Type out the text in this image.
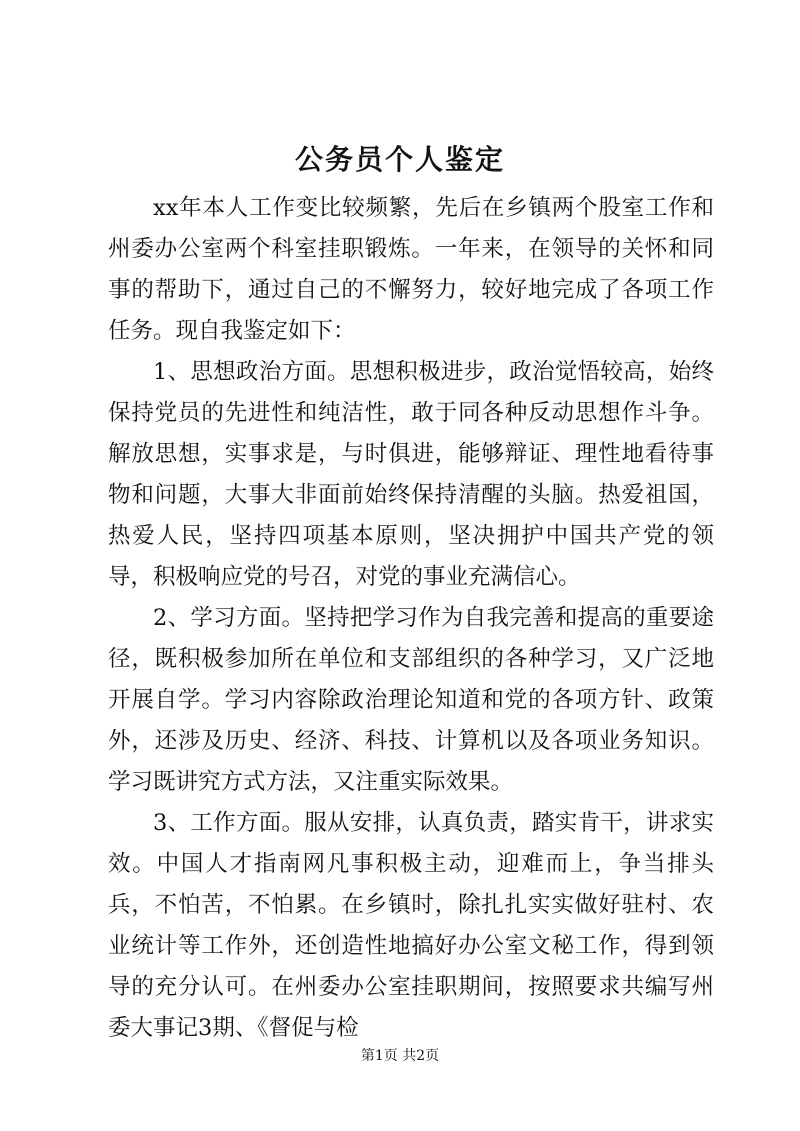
公务员个人鉴定

xx年本人工作变比较频繁，先后在乡镇两个股室工作和州委办公室两个科室挂职锻炼。一年来，在领导的关怀和同事的帮助下，通过自己的不懈努力，较好地完成了各项工作任务。现自我鉴定如下：

1、思想政治方面。思想积极进步，政治觉悟较高，始终保持党员的先进性和纯洁性，敢于同各种反动思想作斗争。解放思想，实事求是，与时俱进，能够辩证、理性地看待事物和问题，大事大非面前始终保持清醒的头脑。热爱祖国，热爱人民，坚持四项基本原则，坚决拥护中国共产党的领导，积极响应党的号召，对党的事业充满信心。

2、学习方面。坚持把学习作为自我完善和提高的重要途径，既积极参加所在单位和支部组织的各种学习，又广泛地开展自学。学习内容除政治理论知道和党的各项方针、政策外，还涉及历史、经济、科技、计算机以及各项业务知识。学习既讲究方式方法，又注重实际效果。

3、工作方面。服从安排，认真负责，踏实肯干，讲求实效。中国人才指南网凡事积极主动，迎难而上，争当排头兵，不怕苦，不怕累。在乡镇时，除扎扎实实做好驻村、农业统计等工作外，还创造性地搞好办公室文秘工作，得到领导的充分认可。在州委办公室挂职期间，按照要求共编写州委大事记3期、《督促与检

第1页 共2页
